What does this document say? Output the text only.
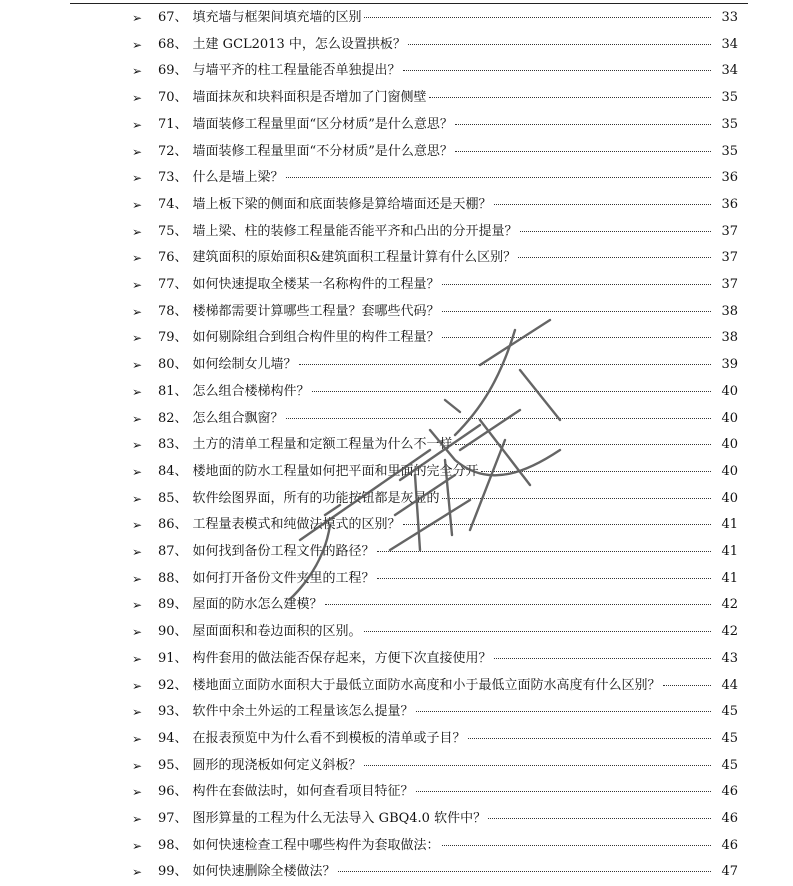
➢ 67、 填充墙与框架间填充墙的区别	33
➢ 68、 土建 GCL2013 中，怎么设置拱板？	34
➢ 69、 与墙平齐的柱工程量能否单独提出？	34
➢ 70、 墙面抹灰和块料面积是否增加了门窗侧壁	35
➢ 71、 墙面装修工程量里面“区分材质”是什么意思？	35
➢ 72、 墙面装修工程量里面“不分材质”是什么意思？	35
➢ 73、 什么是墙上梁？	36
➢ 74、 墙上板下梁的侧面和底面装修是算给墙面还是天棚？	36
➢ 75、 墙上梁、柱的装修工程量能否能平齐和凸出的分开提量？	37
➢ 76、 建筑面积的原始面积&建筑面积工程量计算有什么区别？	37
➢ 77、 如何快速提取全楼某一名称构件的工程量？	37
➢ 78、 楼梯都需要计算哪些工程量？套哪些代码？	38
➢ 79、 如何剔除组合到组合构件里的构件工程量？	38
➢ 80、 如何绘制女儿墙？	39
➢ 81、 怎么组合楼梯构件？	40
➢ 82、 怎么组合飘窗？	40
➢ 83、 土方的清单工程量和定额工程量为什么不一样	40
➢ 84、 楼地面的防水工程量如何把平面和里面的完全分开	40
➢ 85、 软件绘图界面，所有的功能按钮都是灰显的	40
➢ 86、 工程量表模式和纯做法模式的区别？	41
➢ 87、 如何找到备份工程文件的路径？	41
➢ 88、 如何打开备份文件夹里的工程？	41
➢ 89、 屋面的防水怎么建模？	42
➢ 90、 屋面面积和卷边面积的区别。	42
➢ 91、 构件套用的做法能否保存起来，方便下次直接使用？	43
➢ 92、 楼地面立面防水面积大于最低立面防水高度和小于最低立面防水高度有什么区别？	44
➢ 93、 软件中余土外运的工程量该怎么提量？	45
➢ 94、 在报表预览中为什么看不到模板的清单或子目？	45
➢ 95、 圆形的现浇板如何定义斜板？	45
➢ 96、 构件在套做法时，如何查看项目特征？	46
➢ 97、 图形算量的工程为什么无法导入 GBQ4.0 软件中？	46
➢ 98、 如何快速检查工程中哪些构件为套取做法：	46
➢ 99、 如何快速删除全楼做法？	47
